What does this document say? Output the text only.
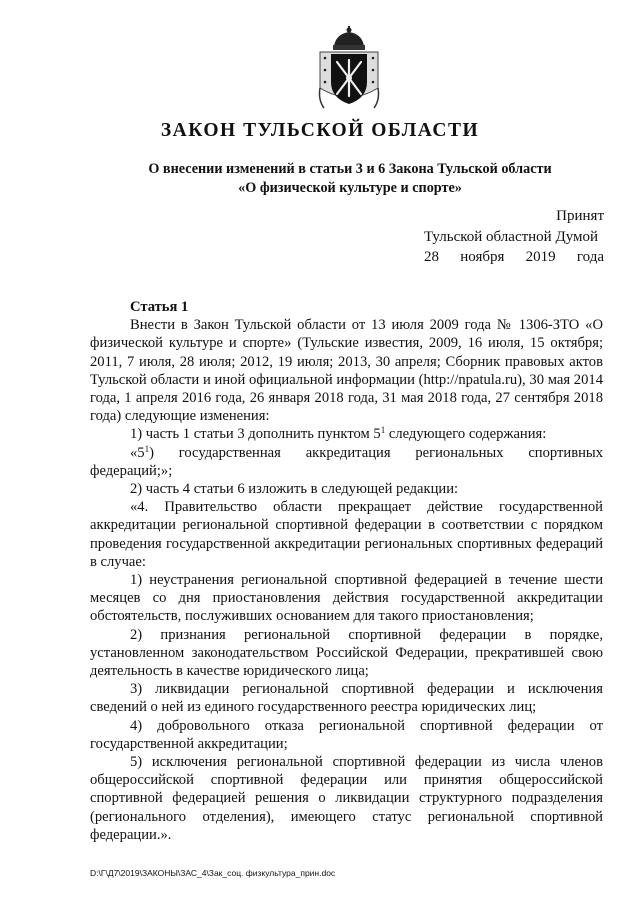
ЗАКОН ТУЛЬСКОЙ ОБЛАСТИ
О внесении изменений в статьи 3 и 6 Закона Тульской области
«О физической культуре и спорте»
Принят
Тульской областной Думой
28 ноября 2019 года
Статья 1

Внести в Закон Тульской области от 13 июля 2009 года № 1306-ЗТО «О физической культуре и спорте» (Тульские известия, 2009, 16 июля, 15 октября; 2011, 7 июля, 28 июля; 2012, 19 июля; 2013, 30 апреля; Сборник правовых актов Тульской области и иной официальной информации (http://npatula.ru), 30 мая 2014 года, 1 апреля 2016 года, 26 января 2018 года, 31 мая 2018 года, 27 сентября 2018 года) следующие изменения:

1) часть 1 статьи 3 дополнить пунктом $5^1$ следующего содержания:

«$5^1$) государственная аккредитация региональных спортивных федераций;»;

2) часть 4 статьи 6 изложить в следующей редакции:

«4. Правительство области прекращает действие государственной аккредитации региональной спортивной федерации в соответствии с порядком проведения государственной аккредитации региональных спортивных федераций в случае:

1) неустранения региональной спортивной федерацией в течение шести месяцев со дня приостановления действия государственной аккредитации обстоятельств, послуживших основанием для такого приостановления;

2) признания региональной спортивной федерации в порядке, установленном законодательством Российской Федерации, прекратившей свою деятельность в качестве юридического лица;

3) ликвидации региональной спортивной федерации и исключения сведений о ней из единого государственного реестра юридических лиц;

4) добровольного отказа региональной спортивной федерации от государственной аккредитации;

5) исключения региональной спортивной федерации из числа членов общероссийской спортивной федерации или принятия общероссийской спортивной федерацией решения о ликвидации структурного подразделения (регионального отделения), имеющего статус региональной спортивной федерации.».

D:\Г\Д7\2019\ЗАКОНЫ\ЗАС_4\Зак_соц. физкультура_прин.doc
